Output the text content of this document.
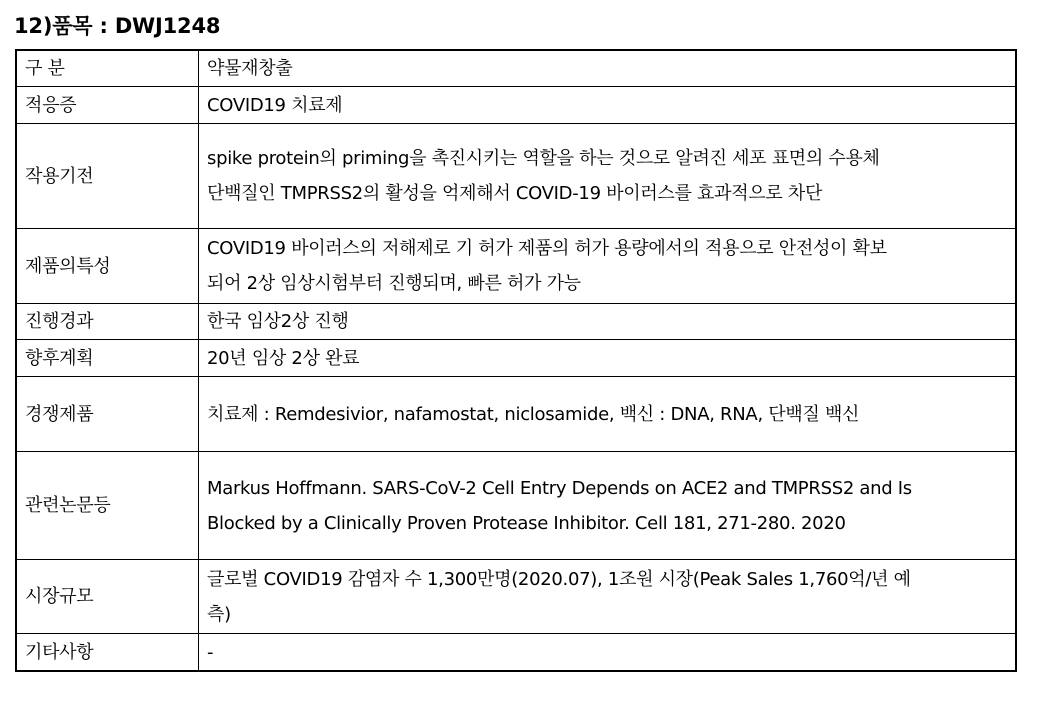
12)품목 : DWJ1248
구 분	약물재창출
적응증	COVID19 치료제
작용기전	spike protein의 priming을 촉진시키는 역할을 하는 것으로 알려진 세포 표면의 수용체
단백질인 TMPRSS2의 활성을 억제해서 COVID-19 바이러스를 효과적으로 차단

제품의특성	COVID19 바이러스의 저해제로 기 허가 제품의 허가 용량에서의 적용으로 안전성이 확보
되어 2상 임상시험부터 진행되며, 빠른 허가 가능

진행경과	한국 임상2상 진행
향후계획	20년 임상 2상 완료
경쟁제품	치료제 : Remdesivior, nafamostat, niclosamide, 백신 : DNA, RNA, 단백질 백신
관련논문등	Markus Hoffmann. SARS-CoV-2 Cell Entry Depends on ACE2 and TMPRSS2 and Is
Blocked by a Clinically Proven Protease Inhibitor. Cell 181, 271-280. 2020

시장규모	글로벌 COVID19 감염자 수 1,300만명(2020.07), 1조원 시장(Peak Sales 1,760억/년 예
측)

기타사항	-
